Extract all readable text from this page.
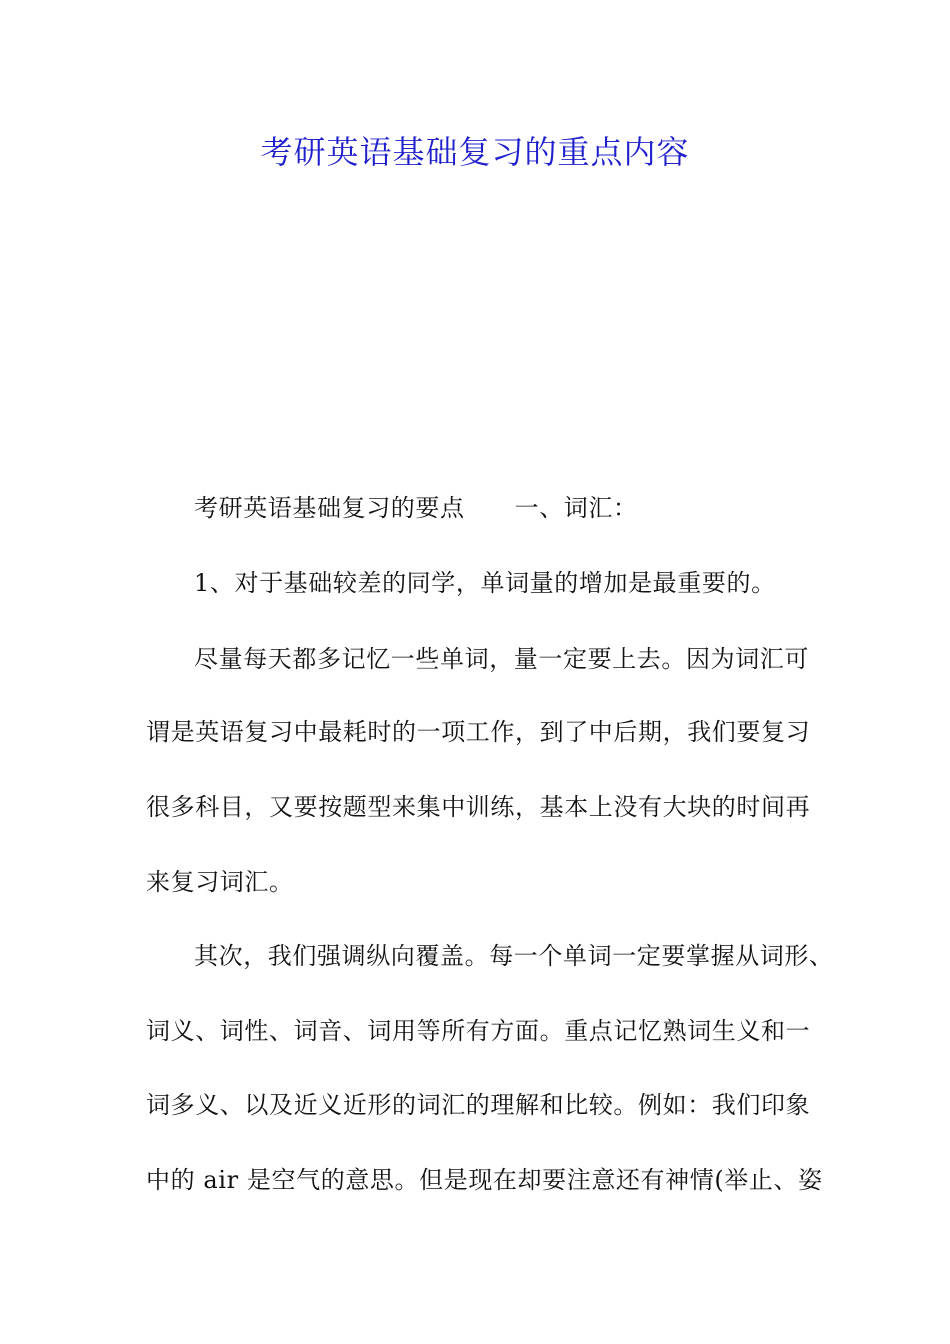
考研英语基础复习的重点内容

考研英语基础复习的要点 一、词汇：

1、对于基础较差的同学，单词量的增加是最重要的。

尽量每天都多记忆一些单词，量一定要上去。因为词汇可

谓是英语复习中最耗时的一项工作，到了中后期，我们要复习

很多科目，又要按题型来集中训练，基本上没有大块的时间再

来复习词汇。

其次，我们强调纵向覆盖。每一个单词一定要掌握从词形、

词义、词性、词音、词用等所有方面。重点记忆熟词生义和一

词多义、以及近义近形的词汇的理解和比较。例如：我们印象

中的 air 是空气的意思。但是现在却要注意还有神情(举止、姿
